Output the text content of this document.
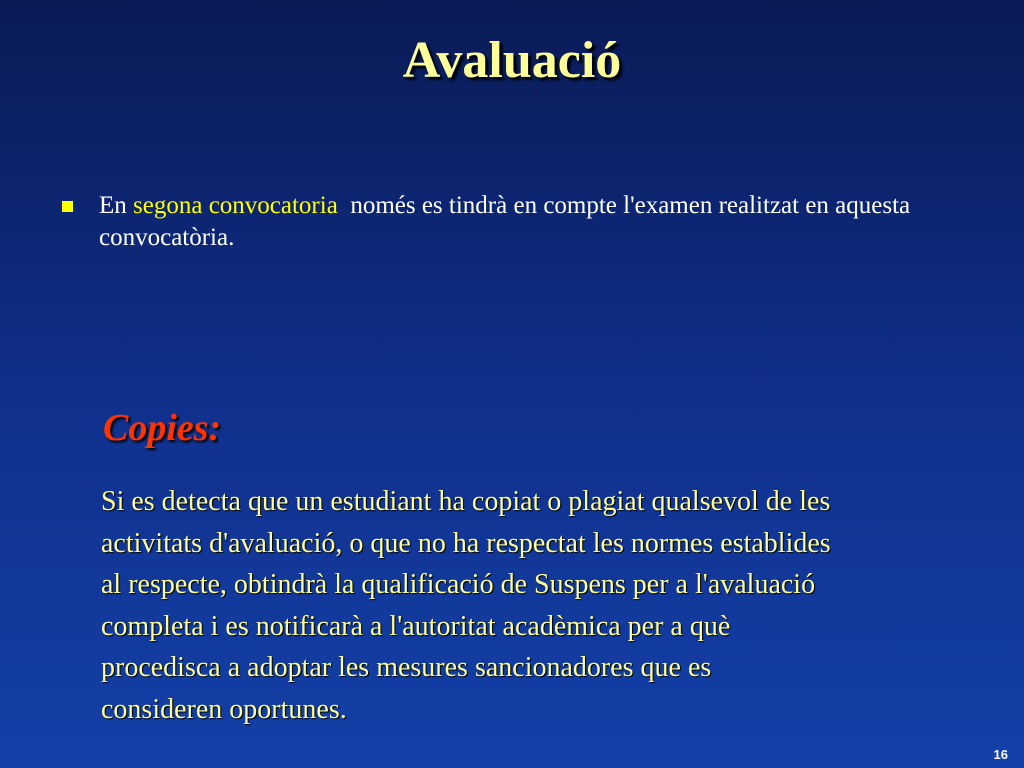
Avaluació
En segona convocatoria  només es tindrà en compte l'examen realitzat en aquesta convocatòria.
Copies:
Si es detecta que un estudiant ha copiat o plagiat qualsevol de les
activitats d'avaluació, o que no ha respectat les normes establides
al respecte, obtindrà la qualificació de Suspens per a l'avaluació
completa i es notificarà a l'autoritat acadèmica per a què
procedisca a adoptar les mesures sancionadores que es
consideren oportunes.
16
